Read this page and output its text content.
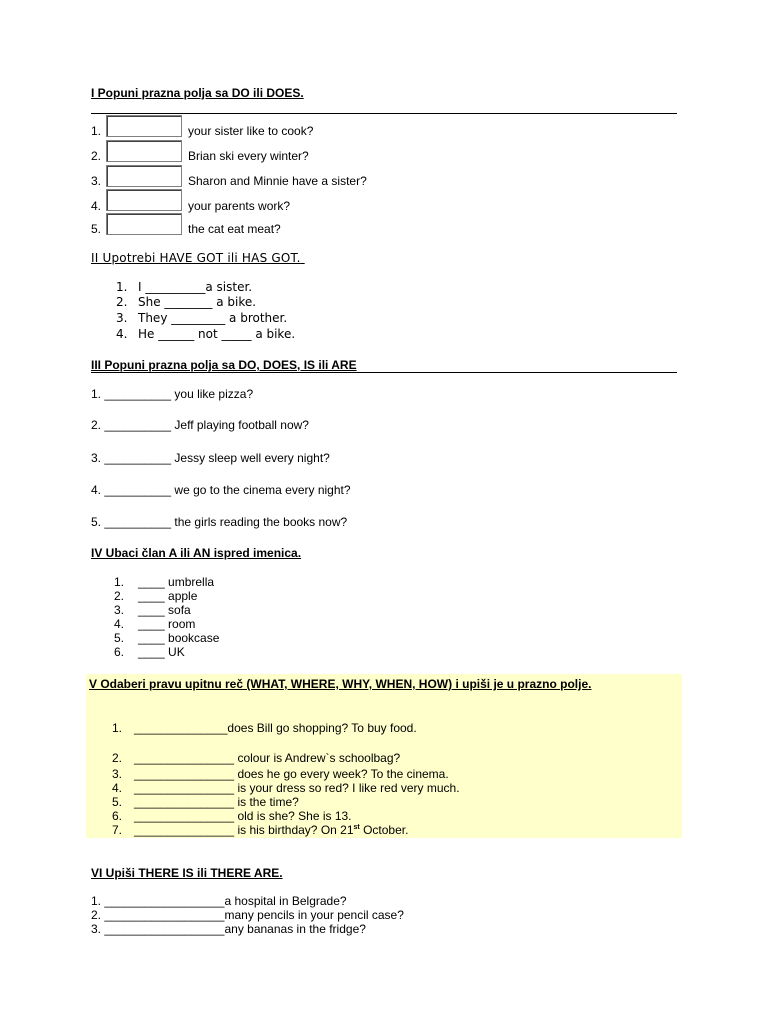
I Popuni prazna polja sa DO ili DOES.
1.	your sister like to cook?
2.	Brian ski every winter?
3.	Sharon and Minnie have a sister?
4.	your parents work?
5.	the cat eat meat?
II Upotrebi HAVE GOT ili HAS GOT.
1. I __________a sister.
2. She ________ a bike.
3. They _________ a brother.
4. He ______ not _____ a bike.
III Popuni prazna polja sa DO, DOES, IS ili ARE
1. __________ you like pizza?
2. __________ Jeff playing football now?
3. __________ Jessy sleep well every night?
4. __________ we go to the cinema every night?
5. __________ the girls reading the books now?
IV Ubaci član A ili AN ispred imenica.
1. ____ umbrella
2. ____ apple
3. ____ sofa
4. ____ room
5. ____ bookcase
6. ____ UK
V Odaberi pravu upitnu reč (WHAT, WHERE, WHY, WHEN, HOW) i upiši je u prazno polje.
1. ______________does Bill go shopping? To buy food.
2. _______________ colour is Andrew`s schoolbag?
3. _______________ does he go every week? To the cinema.
4. _______________ is your dress so red? I like red very much.
5. _______________ is the time?
6. _______________ old is she? She is 13.
7. _______________ is his birthday? On 21st October.
VI Upiši THERE IS ili THERE ARE.
1. __________________a hospital in Belgrade?
2. __________________many pencils in your pencil case?
3. __________________any bananas in the fridge?
